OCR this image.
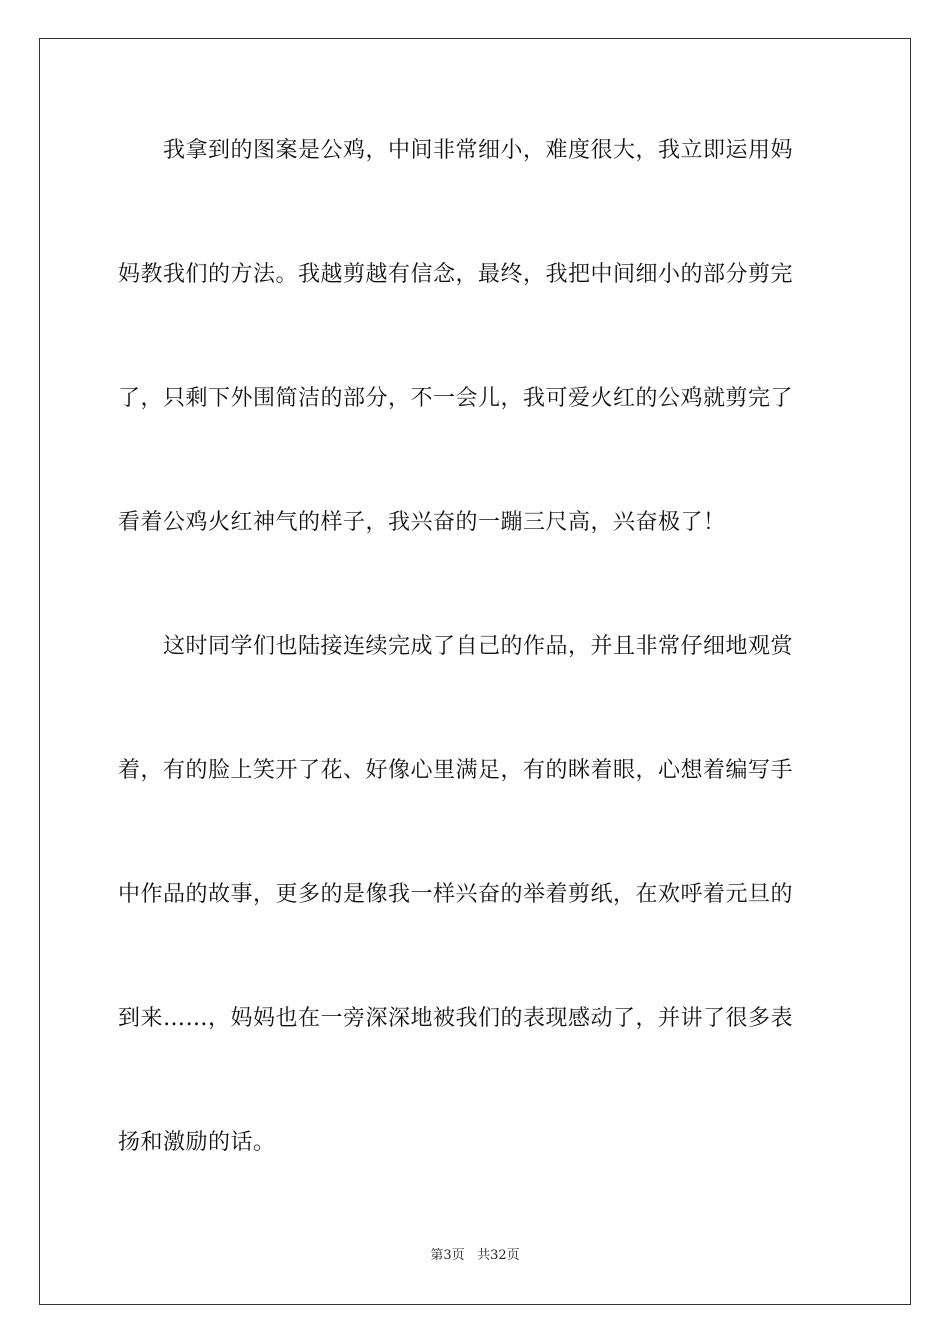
　　我拿到的图案是公鸡，中间非常细小，难度很大，我立即运用妈
妈教我们的方法。我越剪越有信念，最终，我把中间细小的部分剪完
了，只剩下外围简洁的部分，不一会儿，我可爱火红的公鸡就剪完了
看着公鸡火红神气的样子，我兴奋的一蹦三尺高，兴奋极了！
　　这时同学们也陆接连续完成了自己的作品，并且非常仔细地观赏
着，有的脸上笑开了花、好像心里满足，有的眯着眼，心想着编写手
中作品的故事，更多的是像我一样兴奋的举着剪纸，在欢呼着元旦的
到来……，妈妈也在一旁深深地被我们的表现感动了，并讲了很多表
扬和激励的话。
第3页 共32页
